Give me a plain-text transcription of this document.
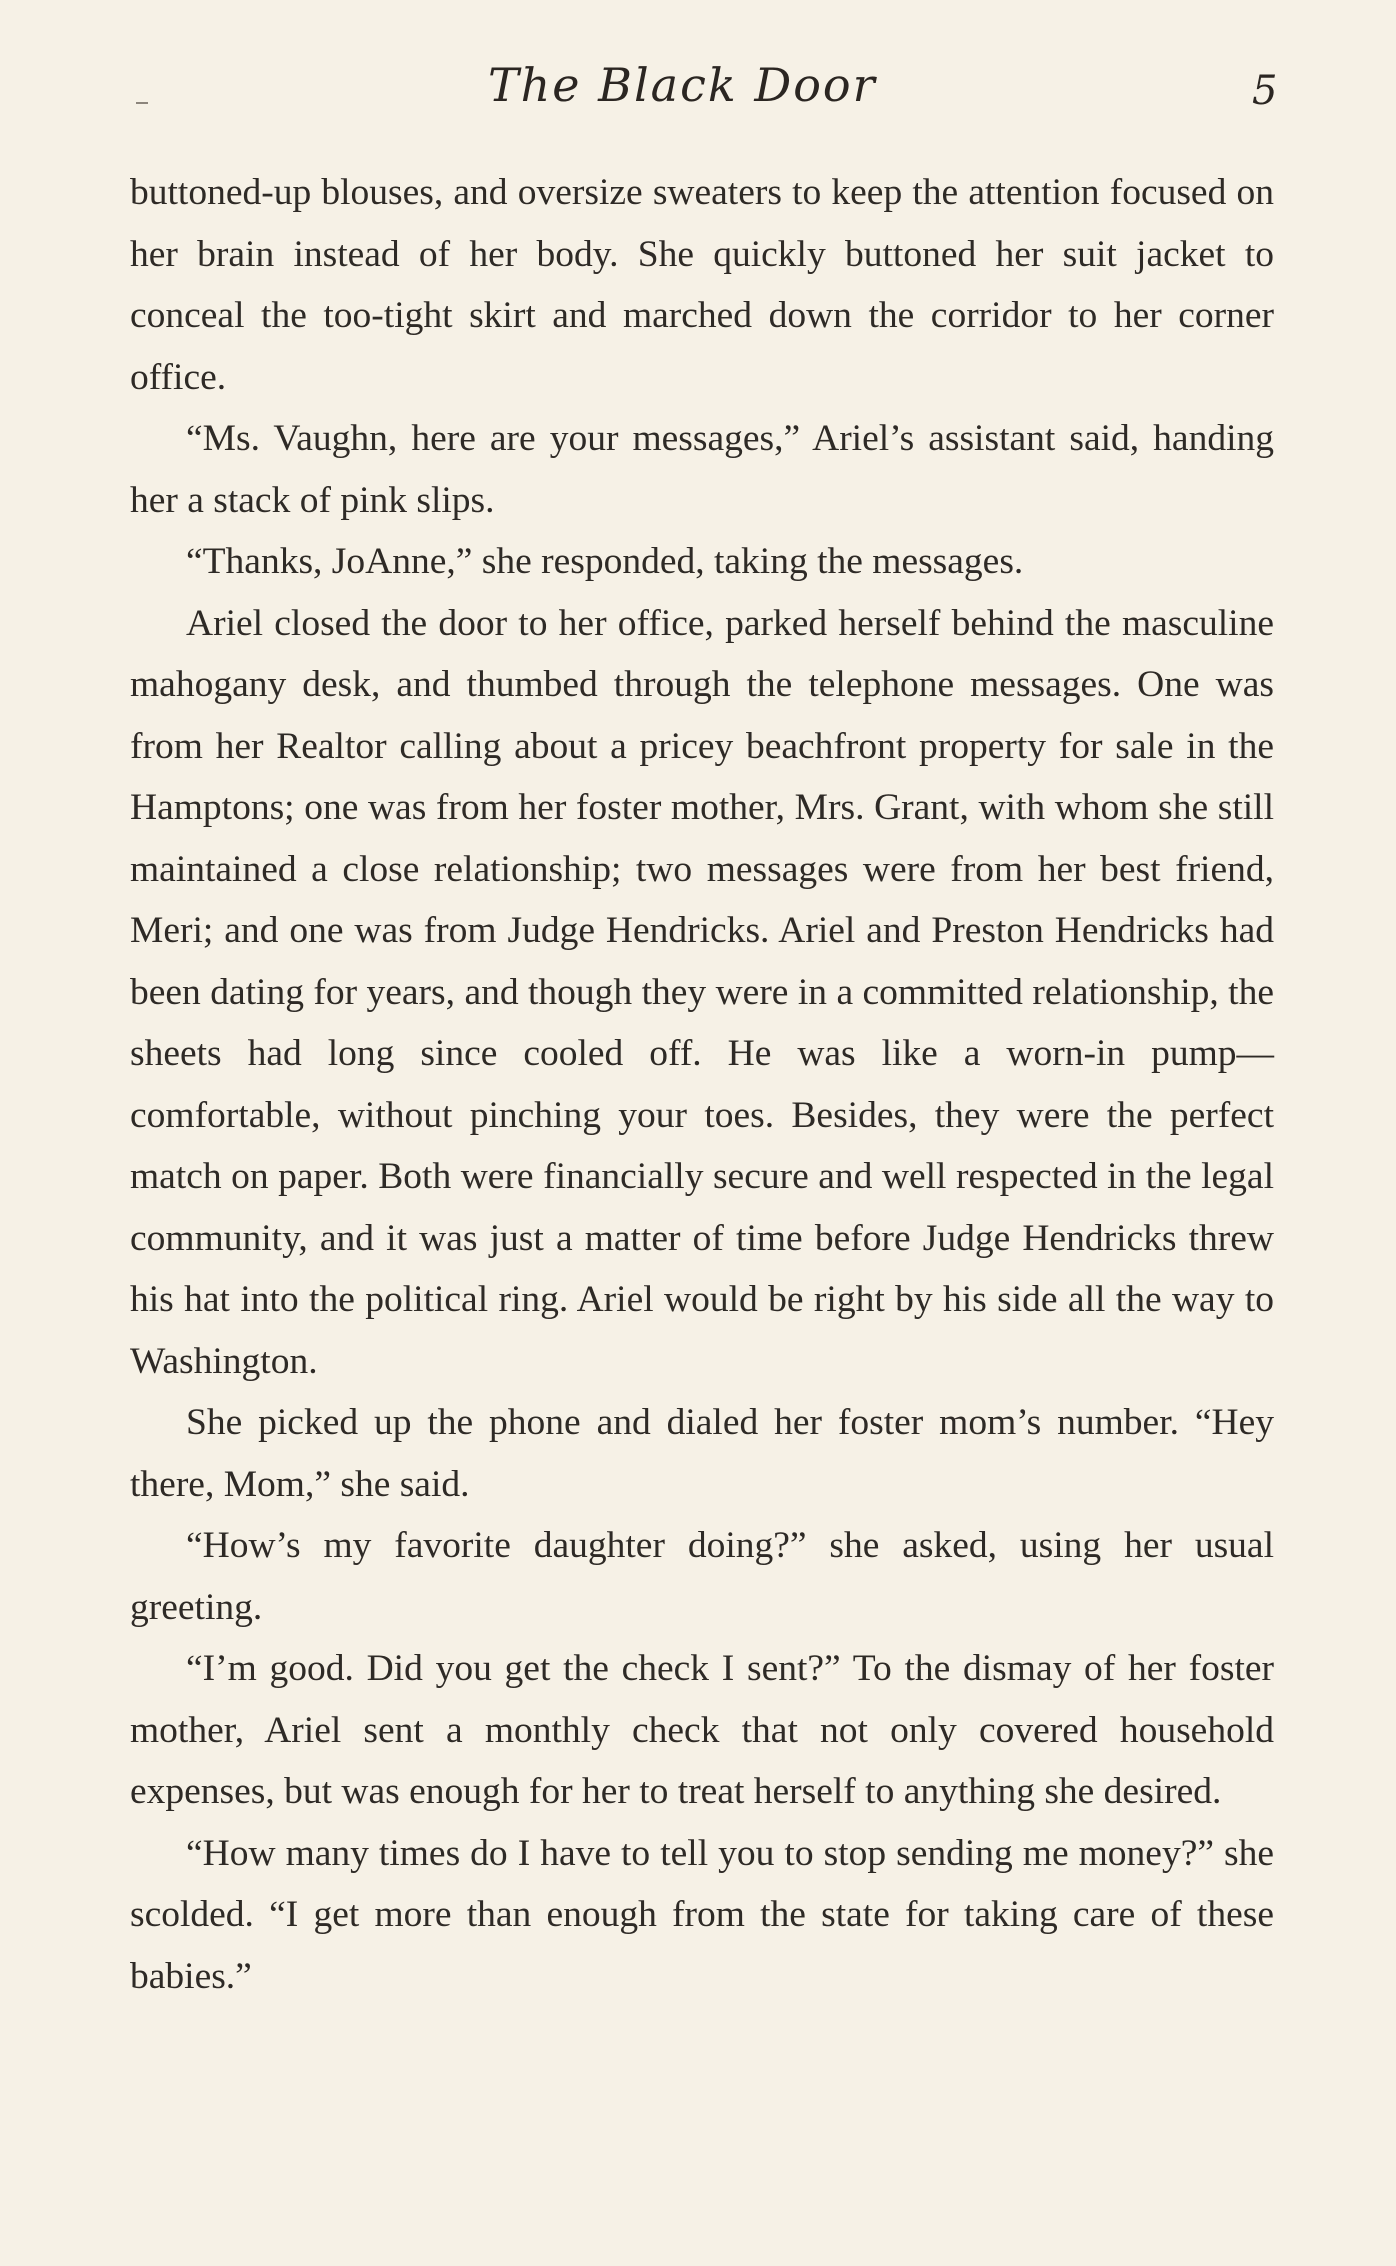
The Black Door	5

buttoned-up blouses, and oversize sweaters to keep the attention focused on her brain instead of her body. She quickly buttoned her suit jacket to conceal the too-tight skirt and marched down the corridor to her corner office.

“Ms. Vaughn, here are your messages,” Ariel’s assistant said, handing her a stack of pink slips.

“Thanks, JoAnne,” she responded, taking the messages.

Ariel closed the door to her office, parked herself behind the masculine mahogany desk, and thumbed through the telephone messages. One was from her Realtor calling about a pricey beachfront property for sale in the Hamptons; one was from her foster mother, Mrs. Grant, with whom she still maintained a close relationship; two messages were from her best friend, Meri; and one was from Judge Hendricks. Ariel and Preston Hendricks had been dating for years, and though they were in a committed relationship, the sheets had long since cooled off. He was like a worn-in pump—comfortable, without pinching your toes. Besides, they were the perfect match on paper. Both were financially secure and well respected in the legal community, and it was just a matter of time before Judge Hendricks threw his hat into the political ring. Ariel would be right by his side all the way to Washington.

She picked up the phone and dialed her foster mom’s number. “Hey there, Mom,” she said.

“How’s my favorite daughter doing?” she asked, using her usual greeting.

“I’m good. Did you get the check I sent?” To the dismay of her foster mother, Ariel sent a monthly check that not only covered household expenses, but was enough for her to treat herself to anything she desired.

“How many times do I have to tell you to stop sending me money?” she scolded. “I get more than enough from the state for taking care of these babies.”
